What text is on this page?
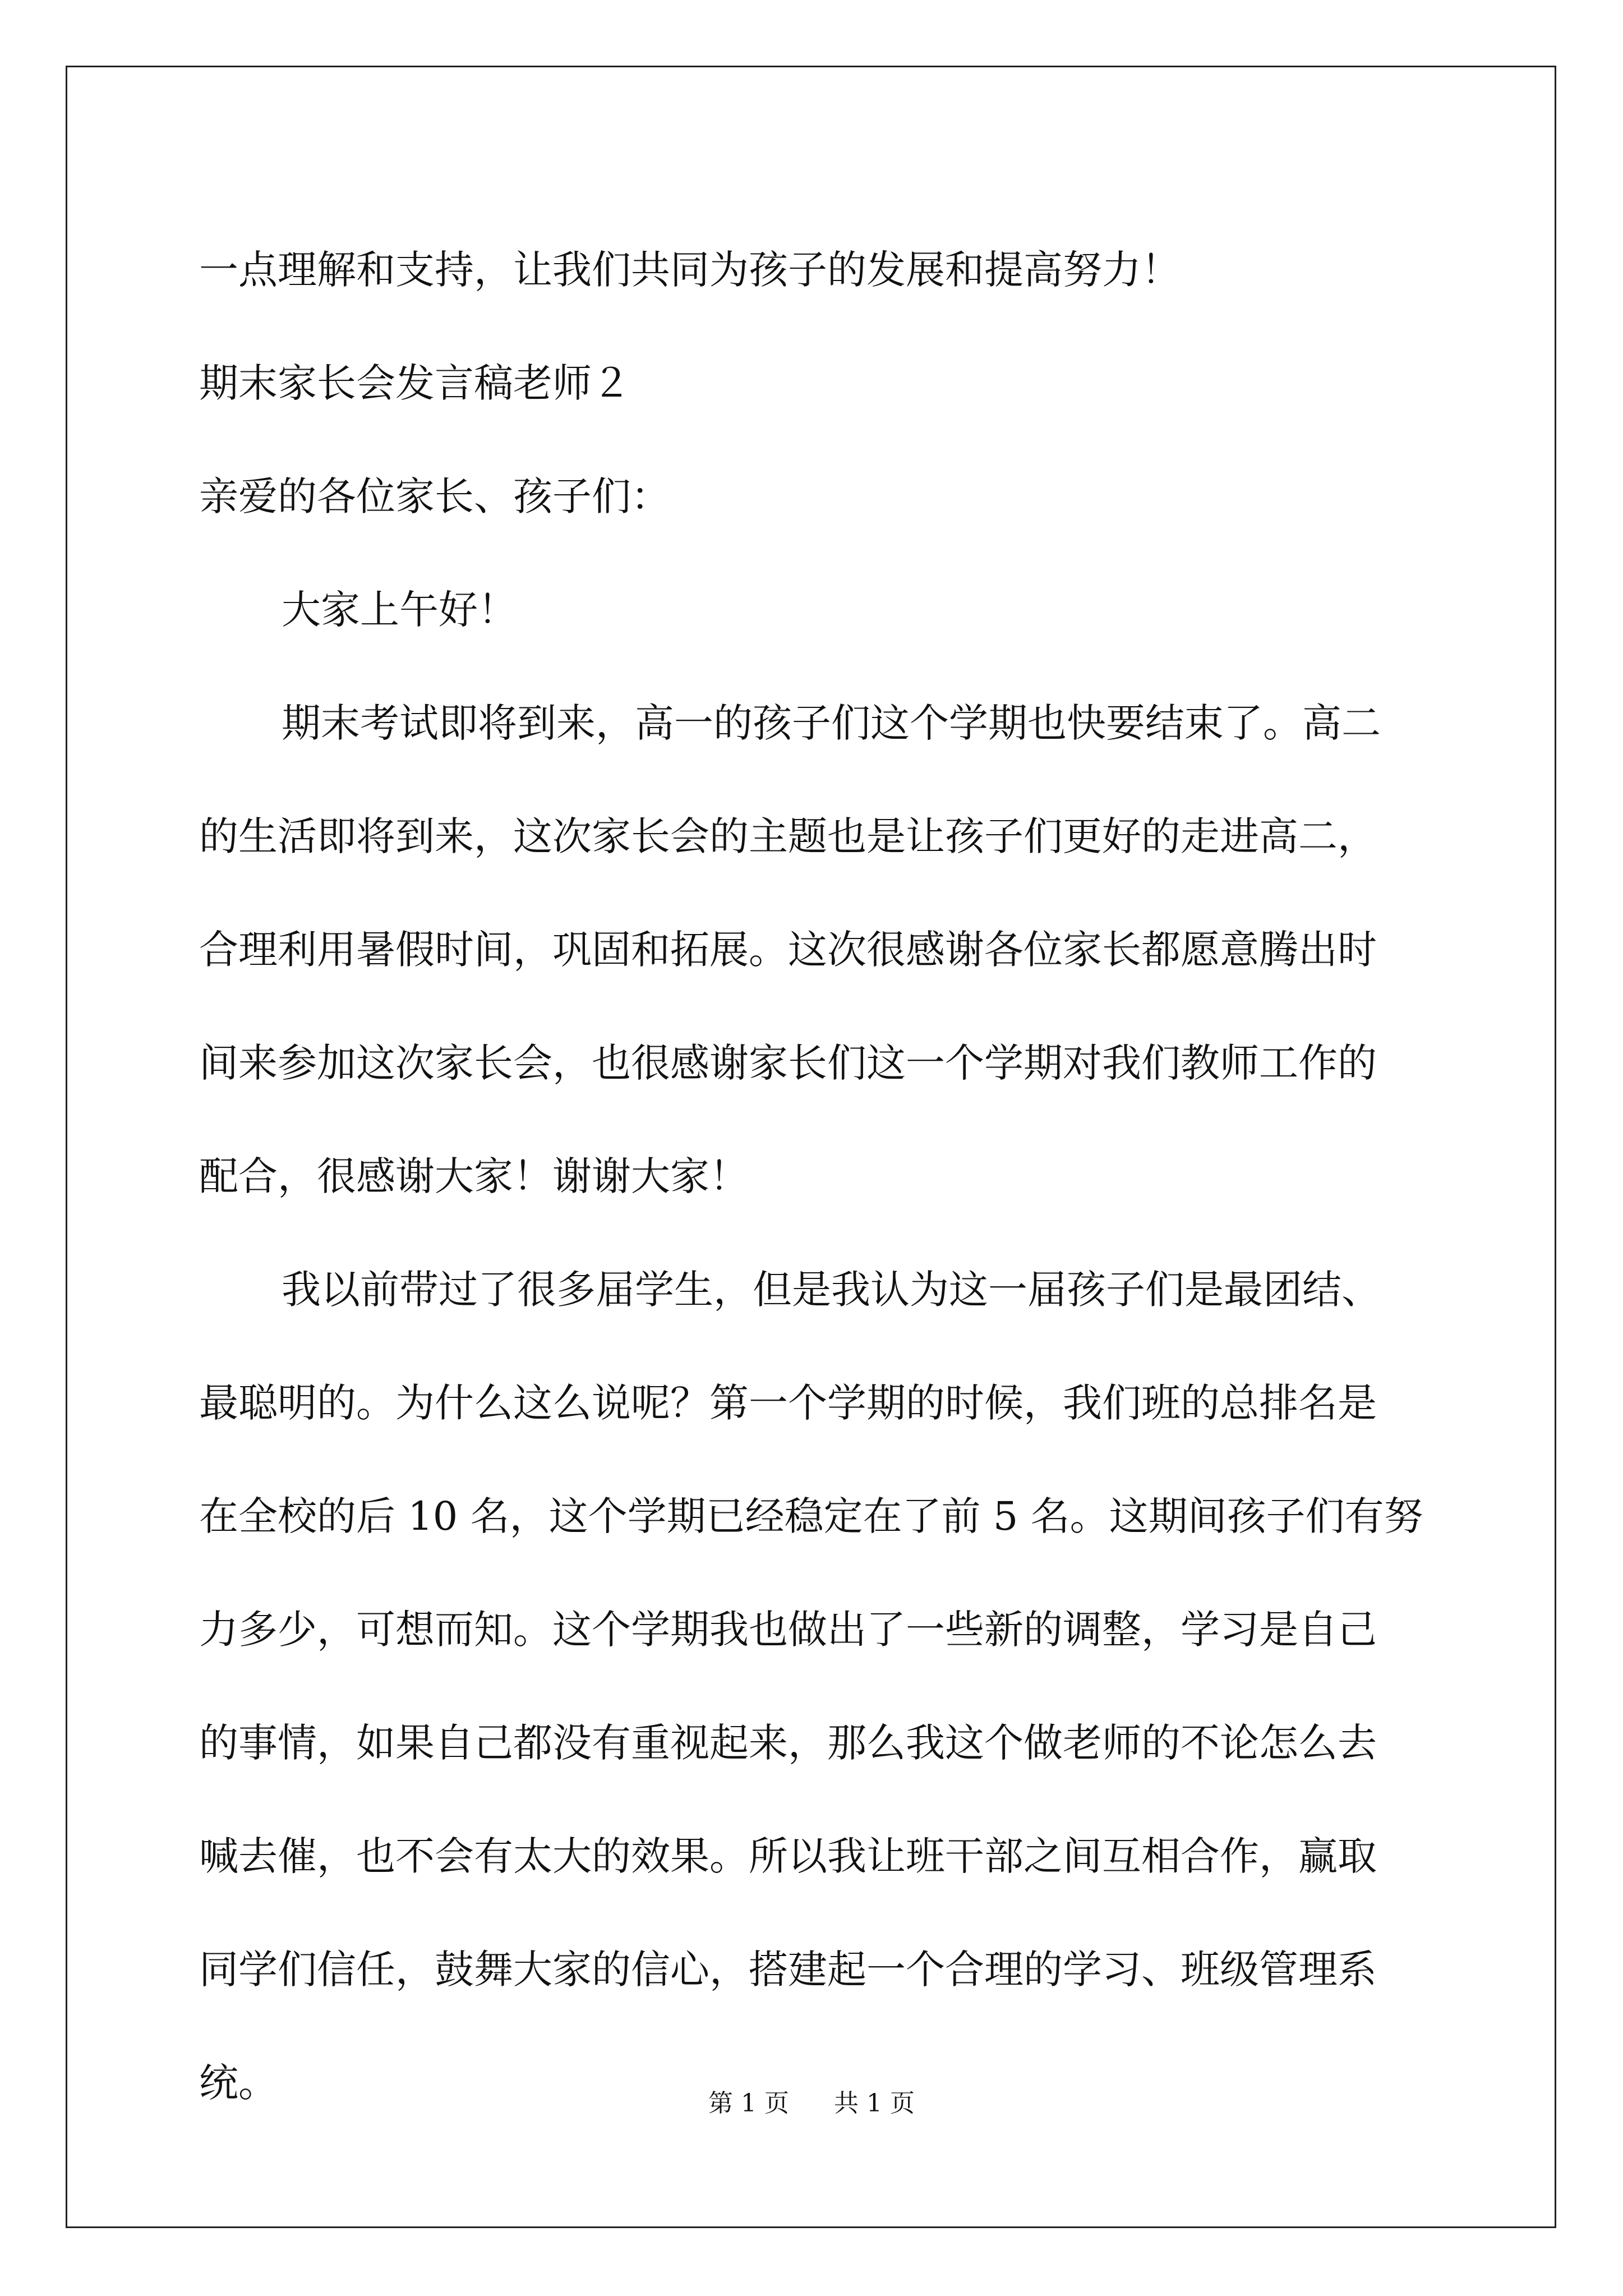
一点理解和支持，让我们共同为孩子的发展和提高努力！

期末家长会发言稿老师２

亲爱的各位家长、孩子们：

大家上午好！

期末考试即将到来，高一的孩子们这个学期也快要结束了。高二

的生活即将到来，这次家长会的主题也是让孩子们更好的走进高二，

合理利用暑假时间，巩固和拓展。这次很感谢各位家长都愿意腾出时

间来参加这次家长会，也很感谢家长们这一个学期对我们教师工作的

配合，很感谢大家！谢谢大家！

我以前带过了很多届学生，但是我认为这一届孩子们是最团结、

最聪明的。为什么这么说呢？第一个学期的时候，我们班的总排名是

在全校的后 10 名，这个学期已经稳定在了前 5 名。这期间孩子们有努

力多少，可想而知。这个学期我也做出了一些新的调整，学习是自己

的事情，如果自己都没有重视起来，那么我这个做老师的不论怎么去

喊去催，也不会有太大的效果。所以我让班干部之间互相合作，赢取

同学们信任，鼓舞大家的信心，搭建起一个合理的学习、班级管理系

统。	第 1 页 共 1 页
